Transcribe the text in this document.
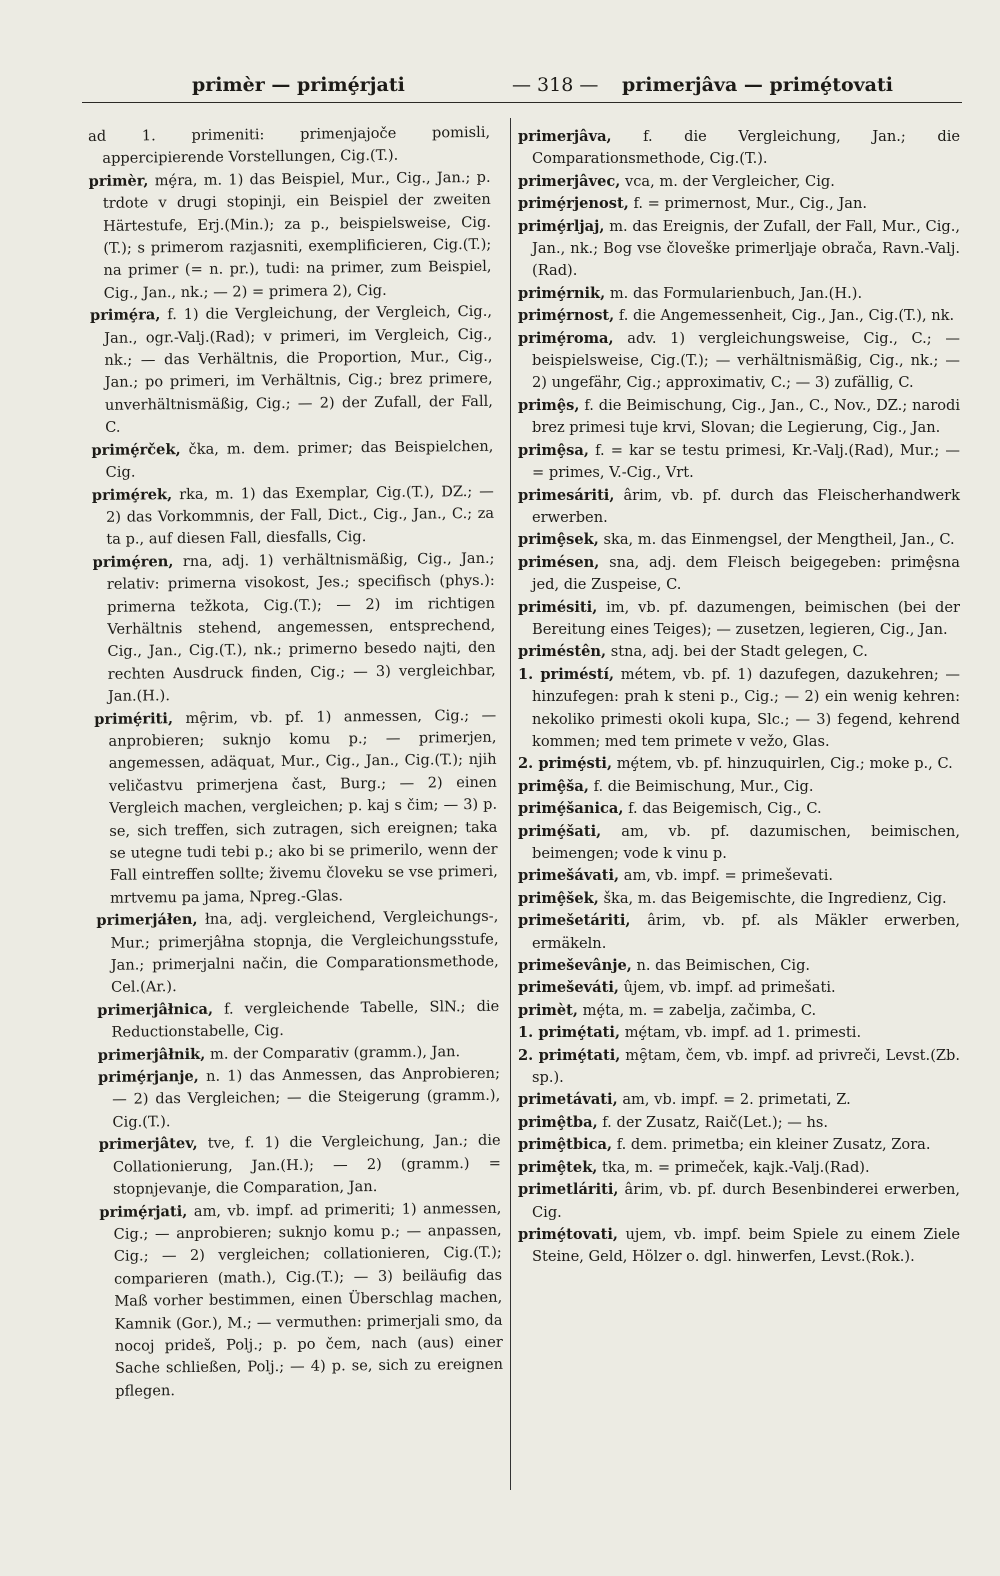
primèr — primȩ́rjati	— 318 — primerjâva — primȩ́tovati

ad 1. primeniti: primenjajoče pomisli, appercipierende Vorstellungen, Cig.(T.).

primèr, mȩ́ra, m. 1) das Beispiel, Mur., Cig., Jan.; p. trdote v drugi stopinji, ein Beispiel der zweiten Härtestufe, Erj.(Min.); za p., beispielsweise, Cig.(T.); s primerom razjasniti, exemplificieren, Cig.(T.); na primer (= n. pr.), tudi: na primer, zum Beispiel, Cig., Jan., nk.; — 2) = primera 2), Cig.

primȩ́ra, f. 1) die Vergleichung, der Vergleich, Cig., Jan., ogr.-Valj.(Rad); v primeri, im Vergleich, Cig., nk.; — das Verhältnis, die Proportion, Mur., Cig., Jan.; po primeri, im Verhältnis, Cig.; brez primere, unverhältnismäßig, Cig.; — 2) der Zufall, der Fall, C.

primȩ́rček, čka, m. dem. primer; das Beispielchen, Cig.

primȩ́rek, rka, m. 1) das Exemplar, Cig.(T.), DZ.; — 2) das Vorkommnis, der Fall, Dict., Cig., Jan., C.; za ta p., auf diesen Fall, diesfalls, Cig.

primȩ́ren, rna, adj. 1) verhältnismäßig, Cig., Jan.; relativ: primerna visokost, Jes.; specifisch (phys.): primerna težkota, Cig.(T.); — 2) im richtigen Verhältnis stehend, angemessen, entsprechend, Cig., Jan., Cig.(T.), nk.; primerno besedo najti, den rechten Ausdruck finden, Cig.; — 3) vergleichbar, Jan.(H.).

primȩ́riti, mȩ̑rim, vb. pf. 1) anmessen, Cig.; — anprobieren; suknjo komu p.; — primerjen, angemessen, adäquat, Mur., Cig., Jan., Cig.(T.); njih veličastvu primerjena čast, Burg.; — 2) einen Vergleich machen, vergleichen; p. kaj s čim; — 3) p. se, sich treffen, sich zutragen, sich ereignen; taka se utegne tudi tebi p.; ako bi se primerilo, wenn der Fall eintreffen sollte; živemu človeku se vse primeri, mrtvemu pa jama, Npreg.-Glas.

primerjáłen, łna, adj. vergleichend, Vergleichungs-, Mur.; primerjâłna stopnja, die Vergleichungsstufe, Jan.; primerjalni način, die Comparationsmethode, Cel.(Ar.).

primerjâłnica, f. vergleichende Tabelle, SlN.; die Reductionstabelle, Cig.

primerjâłnik, m. der Comparativ (gramm.), Jan.

primȩ́rjanje, n. 1) das Anmessen, das Anprobieren; — 2) das Vergleichen; — die Steigerung (gramm.), Cig.(T.).

primerjâtev, tve, f. 1) die Vergleichung, Jan.; die Collationierung, Jan.(H.); — 2) (gramm.) = stopnjevanje, die Comparation, Jan.

primȩ́rjati, am, vb. impf. ad primeriti; 1) anmessen, Cig.; — anprobieren; suknjo komu p.; — anpassen, Cig.; — 2) vergleichen; collationieren, Cig.(T.); comparieren (math.), Cig.(T.); — 3) beiläufig das Maß vorher bestimmen, einen Überschlag machen, Kamnik (Gor.), M.; — vermuthen: primerjali smo, da nocoj prideš, Polj.; p. po čem, nach (aus) einer Sache schließen, Polj.; — 4) p. se, sich zu ereignen pflegen.

primerjâva, f. die Vergleichung, Jan.; die Comparationsmethode, Cig.(T.).

primerjâvec, vca, m. der Vergleicher, Cig.

primȩ́rjenost, f. = primernost, Mur., Cig., Jan.

primȩ́rljaj, m. das Ereignis, der Zufall, der Fall, Mur., Cig., Jan., nk.; Bog vse človeške primerljaje obrača, Ravn.-Valj.(Rad).

primȩ́rnik, m. das Formularienbuch, Jan.(H.).

primȩ́rnost, f. die Angemessenheit, Cig., Jan., Cig.(T.), nk.

primȩ́roma, adv. 1) vergleichungsweise, Cig., C.; — beispielsweise, Cig.(T.); — verhältnismäßig, Cig., nk.; — 2) ungefähr, Cig.; approximativ, C.; — 3) zufällig, C.

primȩ̂s, f. die Beimischung, Cig., Jan., C., Nov., DZ.; narodi brez primesi tuje krvi, Slovan; die Legierung, Cig., Jan.

primȩ̂sa, f. = kar se testu primesi, Kr.-Valj.(Rad), Mur.; — = primes, V.-Cig., Vrt.

primesáriti, ârim, vb. pf. durch das Fleischerhandwerk erwerben.

primȩ̂sek, ska, m. das Einmengsel, der Mengtheil, Jan., C.

primésen, sna, adj. dem Fleisch beigegeben: primȩ̂sna jed, die Zuspeise, C.

primésiti, im, vb. pf. dazumengen, beimischen (bei der Bereitung eines Teiges); — zusetzen, legieren, Cig., Jan.

priméstên, stna, adj. bei der Stadt gelegen, C.

1. priméstí, métem, vb. pf. 1) dazufegen, dazukehren; — hinzufegen: prah k steni p., Cig.; — 2) ein wenig kehren: nekoliko primesti okoli kupa, Slc.; — 3) fegend, kehrend kommen; med tem primete v vežo, Glas.

2. primȩ́sti, mȩ́tem, vb. pf. hinzuquirlen, Cig.; moke p., C.

primȩ̂ša, f. die Beimischung, Mur., Cig.

primȩ́šanica, f. das Beigemisch, Cig., C.

primȩ́šati, am, vb. pf. dazumischen, beimischen, beimengen; vode k vinu p.

primešávati, am, vb. impf. = primeševati.

primȩ̂šek, ška, m. das Beigemischte, die Ingredienz, Cig.

primešetáriti, ârim, vb. pf. als Mäkler erwerben, ermäkeln.

primeševânje, n. das Beimischen, Cig.

primeševáti, ûjem, vb. impf. ad primešati.

primèt, mȩ́ta, m. = zabelja, začimba, C.

1. primȩ́tati, mȩ́tam, vb. impf. ad 1. primesti.

2. primȩ́tati, mȩ̑tam, čem, vb. impf. ad privreči, Levst.(Zb. sp.).

primetávati, am, vb. impf. = 2. primetati, Z.

primȩ̂tba, f. der Zusatz, Raič(Let.); — hs.

primȩ̂tbica, f. dem. primetba; ein kleiner Zusatz, Zora.

primȩ̂tek, tka, m. = primeček, kajk.-Valj.(Rad).

primetláriti, ârim, vb. pf. durch Besenbinderei erwerben, Cig.

primȩ́tovati, ujem, vb. impf. beim Spiele zu einem Ziele Steine, Geld, Hölzer o. dgl. hinwerfen, Levst.(Rok.).
